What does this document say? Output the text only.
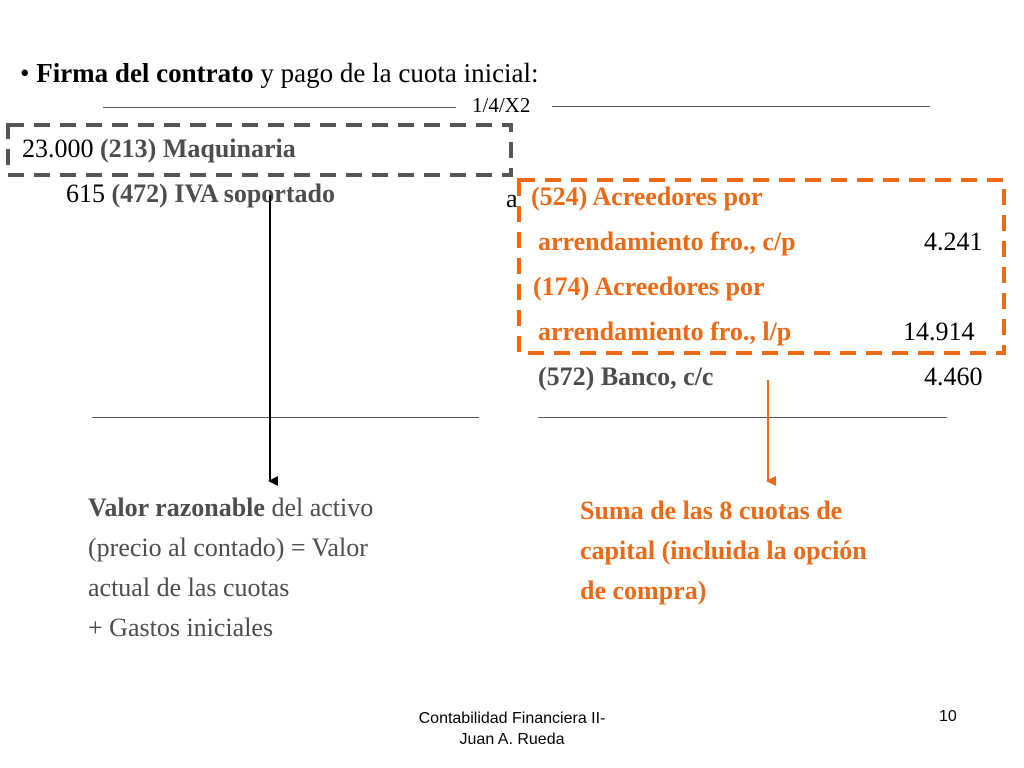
• Firma del contrato y pago de la cuota inicial:
1/4/X2
23.000 (213) Maquinaria
615 (472) IVA soportado	a (524) Acreedores por
arrendamiento fro., c/p	4.241
(174) Acreedores por
arrendamiento fro., l/p	14.914
(572) Banco, c/c	4.460
Valor razonable del activo
(precio al contado) = Valor
actual de las cuotas
+ Gastos iniciales
Suma de las 8 cuotas de
capital (incluida la opción
de compra)
Contabilidad Financiera II-
Juan A. Rueda
10
